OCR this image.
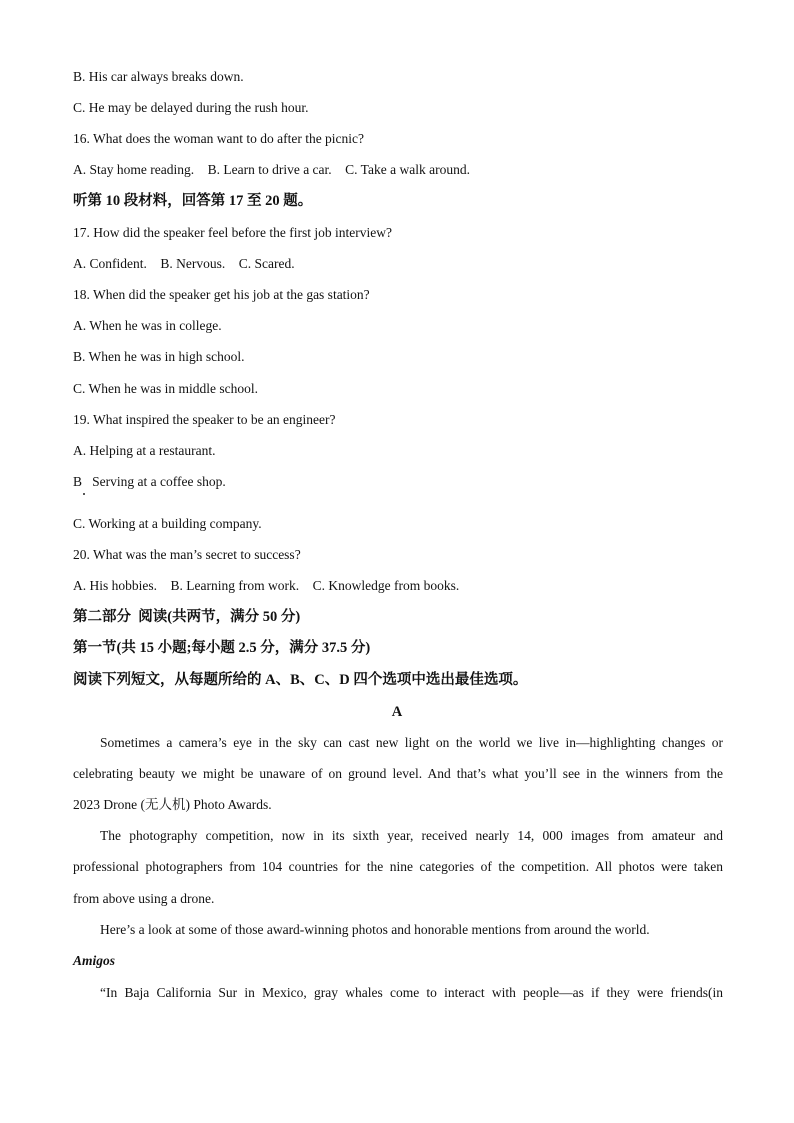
B. His car always breaks down.
C. He may be delayed during the rush hour.
16. What does the woman want to do after the picnic?
A. Stay home reading.    B. Learn to drive a car.    C. Take a walk around.
听第 10 段材料，回答第 17 至 20 题。
17. How did the speaker feel before the first job interview?
A. Confident.    B. Nervous.    C. Scared.
18. When did the speaker get his job at the gas station?
A. When he was in college.
B. When he was in high school.
C. When he was in middle school.
19. What inspired the speaker to be an engineer?
A. Helping at a restaurant.
B   Serving at a coffee shop.
C. Working at a building company.
20. What was the man’s secret to success?
A. His hobbies.    B. Learning from work.    C. Knowledge from books.
第二部分  阅读(共两节，满分 50 分)
第一节(共 15 小题;每小题 2.5 分，满分 37.5 分)
阅读下列短文，从每题所给的 A、B、C、D 四个选项中选出最佳选项。
A
Sometimes a camera’s eye in the sky can cast new light on the world we live in—highlighting changes or
celebrating beauty we might be unaware of on ground level. And that’s what you’ll see in the winners from the
2023 Drone (无人机) Photo Awards.
The photography competition, now in its sixth year, received nearly 14, 000 images from amateur and
professional photographers from 104 countries for the nine categories of the competition. All photos were taken
from above using a drone.
Here’s a look at some of those award-winning photos and honorable mentions from around the world.
Amigos
“In Baja California Sur in Mexico, gray whales come to interact with people—as if they were friends(in
